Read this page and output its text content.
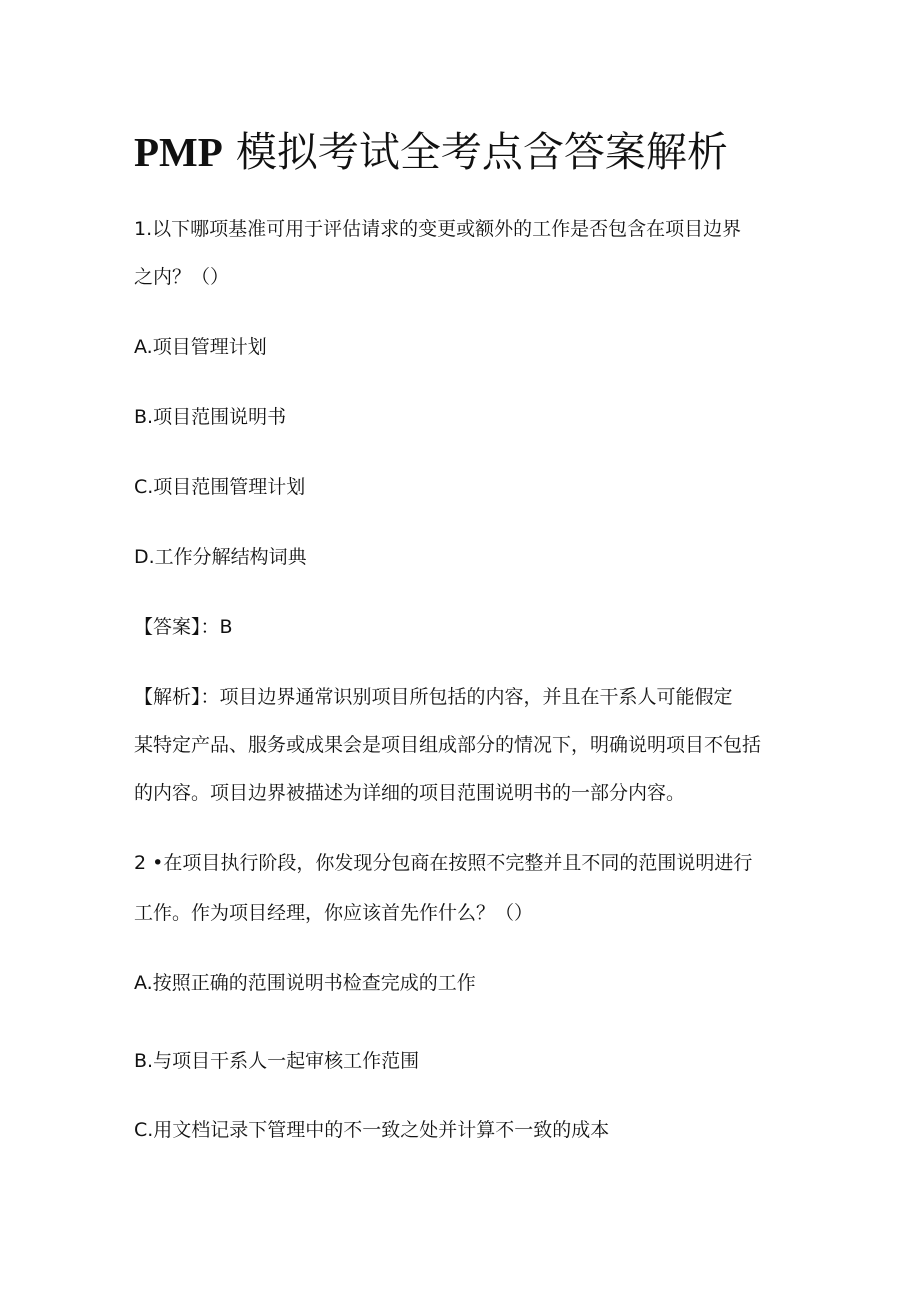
PMP 模拟考试全考点含答案解析

1.以下哪项基准可用于评估请求的变更或额外的工作是否包含在项目边界

之内？（）

A.项目管理计划

B.项目范围说明书

C.项目范围管理计划

D.工作分解结构词典

【答案】：B

【解析】：项目边界通常识别项目所包括的内容，并且在干系人可能假定

某特定产品、服务或成果会是项目组成部分的情况下，明确说明项目不包括

的内容。项目边界被描述为详细的项目范围说明书的一部分内容。

2 •在项目执行阶段，你发现分包商在按照不完整并且不同的范围说明进行

工作。作为项目经理，你应该首先作什么？（）

A.按照正确的范围说明书检查完成的工作

B.与项目干系人一起审核工作范围

C.用文档记录下管理中的不一致之处并计算不一致的成本
